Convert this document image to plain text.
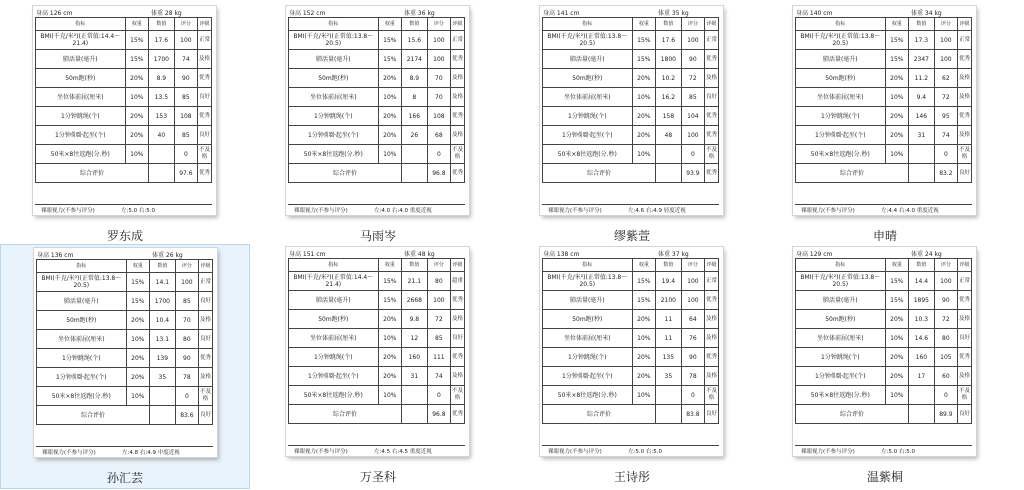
身高 126 cm	体重 28 kg
指标	权重	数值	评分	评级
BMI(千克/米²)(正常值:14.4～21.4)	15%	17.6	100	正常
肺活量(毫升)	15%	1700	74	及格
50m跑(秒)	20%	8.9	90	优秀
坐位体前屈(厘米)	10%	13.5	85	良好
1分钟跳绳(个)	20%	153	108	优秀
1分钟仰卧起坐(个)	20%	40	85	良好
50米×8往返跑(分.秒)	10%		0	不及格
综合评价			97.6	优秀
裸眼视力(不参与评分)	左:5.0 右:5.0
罗东成
身高 152 cm	体重 36 kg
指标	权重	数值	评分	评级
BMI(千克/米²)(正常值:13.8～20.5)	15%	15.6	100	正常
肺活量(毫升)	15%	2174	100	优秀
50m跑(秒)	20%	8.9	70	及格
坐位体前屈(厘米)	10%	8	70	及格
1分钟跳绳(个)	20%	166	108	优秀
1分钟仰卧起坐(个)	20%	26	68	及格
50米×8往返跑(分.秒)	10%		0	不及格
综合评价			96.8	优秀
裸眼视力(不参与评分)	左:4.0 右:4.0 重度近视
马雨岑
身高 141 cm	体重 35 kg
指标	权重	数值	评分	评级
BMI(千克/米²)(正常值:13.8～20.5)	15%	17.6	100	正常
肺活量(毫升)	15%	1800	90	优秀
50m跑(秒)	20%	10.2	72	及格
坐位体前屈(厘米)	10%	16.2	85	良好
1分钟跳绳(个)	20%	158	104	优秀
1分钟仰卧起坐(个)	20%	48	100	优秀
50米×8往返跑(分.秒)	10%		0	不及格
综合评价			93.9	优秀
裸眼视力(不参与评分)	左:4.6 右:4.9 轻度近视
缪紫萱
身高 140 cm	体重 34 kg
指标	权重	数值	评分	评级
BMI(千克/米²)(正常值:13.8～20.5)	15%	17.3	100	正常
肺活量(毫升)	15%	2347	100	优秀
50m跑(秒)	20%	11.2	62	及格
坐位体前屈(厘米)	10%	9.4	72	及格
1分钟跳绳(个)	20%	146	95	优秀
1分钟仰卧起坐(个)	20%	31	74	及格
50米×8往返跑(分.秒)	10%		0	不及格
综合评价			83.2	良好
裸眼视力(不参与评分)	左:4.4 右:4.0 重度近视
申晴
身高 136 cm	体重 26 kg
指标	权重	数值	评分	评级
BMI(千克/米²)(正常值:13.8～20.5)	15%	14.1	100	正常
肺活量(毫升)	15%	1700	85	良好
50m跑(秒)	20%	10.4	70	及格
坐位体前屈(厘米)	10%	13.1	80	良好
1分钟跳绳(个)	20%	139	90	优秀
1分钟仰卧起坐(个)	20%	35	78	及格
50米×8往返跑(分.秒)	10%		0	不及格
综合评价			83.6	良好
裸眼视力(不参与评分)	左:4.8 右:4.9 中度近视
孙汇芸
身高 151 cm	体重 48 kg
指标	权重	数值	评分	评级
BMI(千克/米²)(正常值:14.4～21.4)	15%	21.1	80	超重
肺活量(毫升)	15%	2668	100	优秀
50m跑(秒)	20%	9.8	72	及格
坐位体前屈(厘米)	10%	12	85	良好
1分钟跳绳(个)	20%	160	111	优秀
1分钟仰卧起坐(个)	20%	31	74	及格
50米×8往返跑(分.秒)	10%		0	不及格
综合评价			96.8	优秀
裸眼视力(不参与评分)	左:4.5 右:4.5 重度近视
万圣科
身高 138 cm	体重 37 kg
指标	权重	数值	评分	评级
BMI(千克/米²)(正常值:13.8～20.5)	15%	19.4	100	正常
肺活量(毫升)	15%	2100	100	优秀
50m跑(秒)	20%	11	64	及格
坐位体前屈(厘米)	10%	11	76	及格
1分钟跳绳(个)	20%	135	90	优秀
1分钟仰卧起坐(个)	20%	35	78	及格
50米×8往返跑(分.秒)	10%		0	不及格
综合评价			83.8	良好
裸眼视力(不参与评分)	左:5.0 右:5.0
王诗彤
身高 129 cm	体重 24 kg
指标	权重	数值	评分	评级
BMI(千克/米²)(正常值:13.8～20.5)	15%	14.4	100	正常
肺活量(毫升)	15%	1895	90	优秀
50m跑(秒)	20%	10.3	72	及格
坐位体前屈(厘米)	10%	14.6	80	良好
1分钟跳绳(个)	20%	160	105	优秀
1分钟仰卧起坐(个)	20%	17	60	及格
50米×8往返跑(分.秒)	10%		0	不及格
综合评价			89.9	良好
裸眼视力(不参与评分)	左:5.0 右:5.0
温紫桐
